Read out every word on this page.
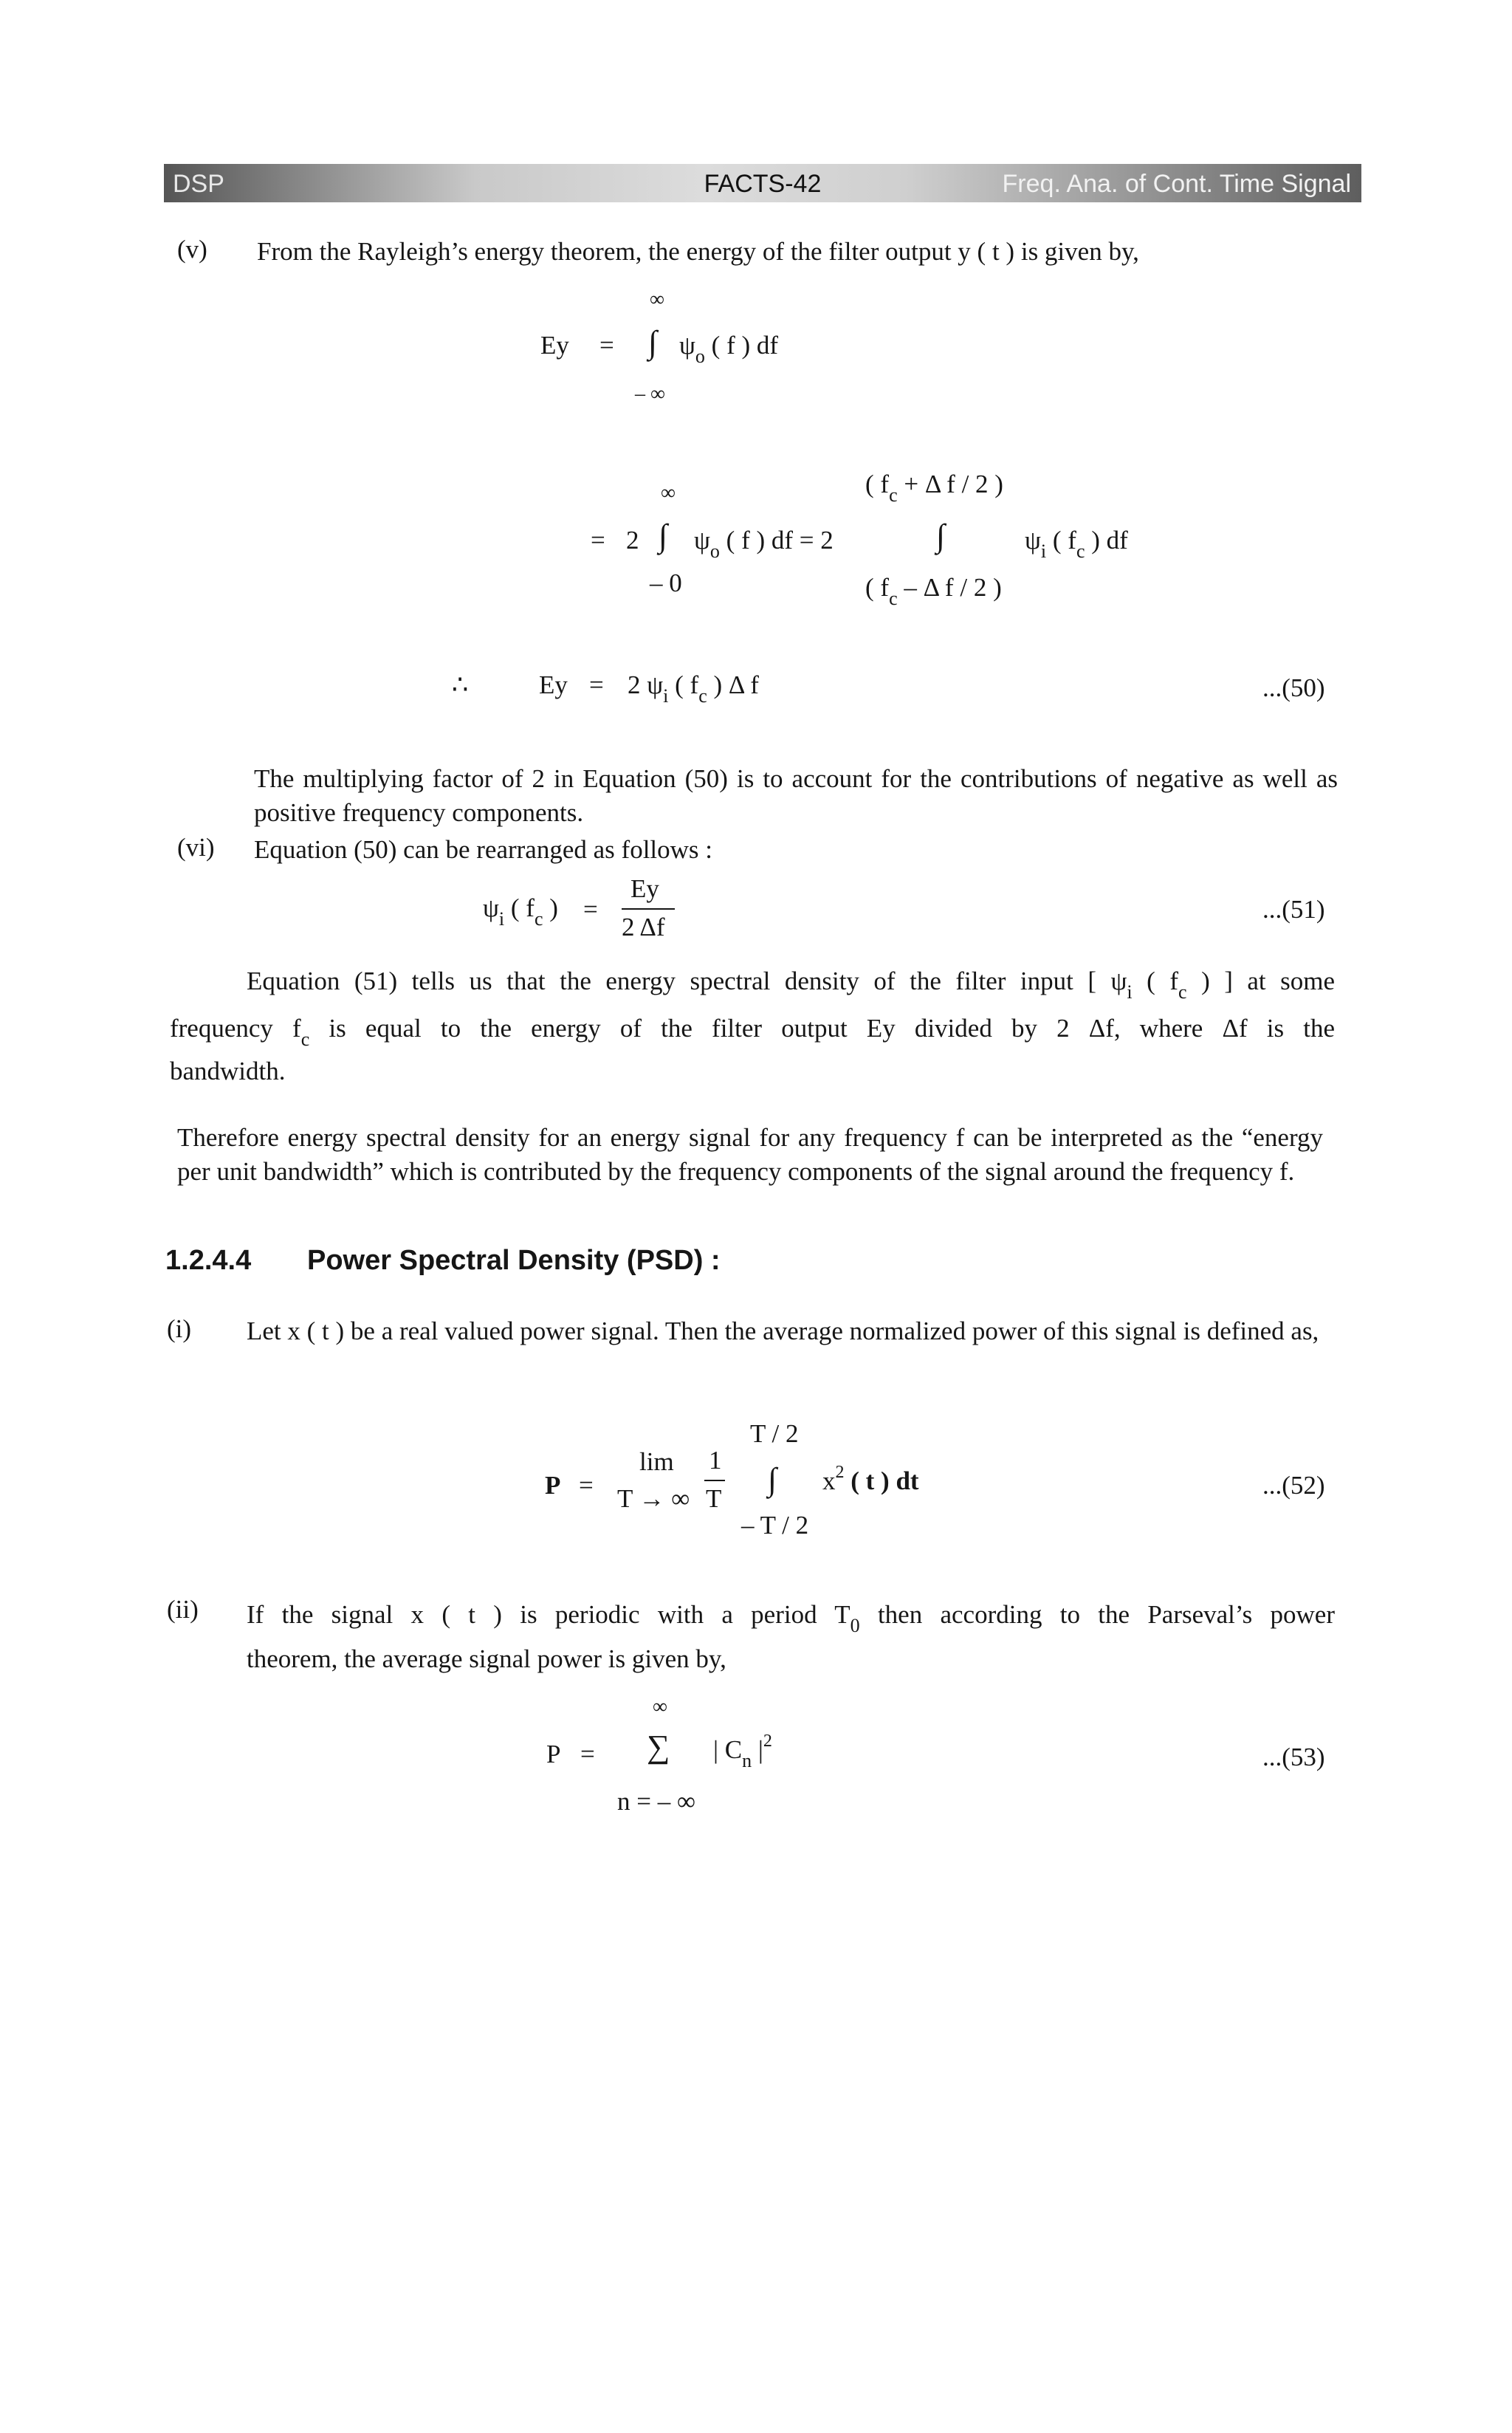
DSP	FACTS-42	Freq. Ana. of Cont. Time Signal
(v) From the Rayleigh’s energy theorem, the energy of the filter output y ( t ) is given by,
Ey =
∞
∫
– ∞
$\psi_o$ ( f ) df
= 2
∞
∫
– 0
$\psi_o$ ( f ) df = 2
( $f_c + \Delta$ f / 2 )
∫
( $f_c$ – Δ f / 2 )
$\psi_i$ ( $f_c$ ) df
∴	Ey = 2 $\psi_i$ ( $f_c$ ) Δ f	...(50)
The multiplying factor of 2 in Equation (50) is to account for the contributions of negative as well as positive frequency components.
(vi) Equation (50) can be rearranged as follows :
$\psi_i$ ( $f_c$ ) =
Ey
2 Δf
...(51)
Equation (51) tells us that the energy spectral density of the filter input [ $\psi_i$ ( $f_c$ ) ] at some
frequency $f_c$ is equal to the energy of the filter output Ey divided by 2 Δf, where Δf is the
bandwidth.
Therefore energy spectral density for an energy signal for any frequency f can be interpreted as the “energy per unit bandwidth” which is contributed by the frequency components of the signal around the frequency f.
1.2.4.4 Power Spectral Density (PSD) :
(i) Let x ( t ) be a real valued power signal. Then the average normalized power of this signal is defined as,
P =
lim
T → ∞
1
T
T / 2
∫
– T / 2
$x^2$ ( t ) dt	...(52)
(ii) If the signal x ( t ) is periodic with a period $T_0$ then according to the Parseval’s power
theorem, the average signal power is given by,
P =
∞
∑
n = – ∞
| $C_n$ $|^2$
...(53)
